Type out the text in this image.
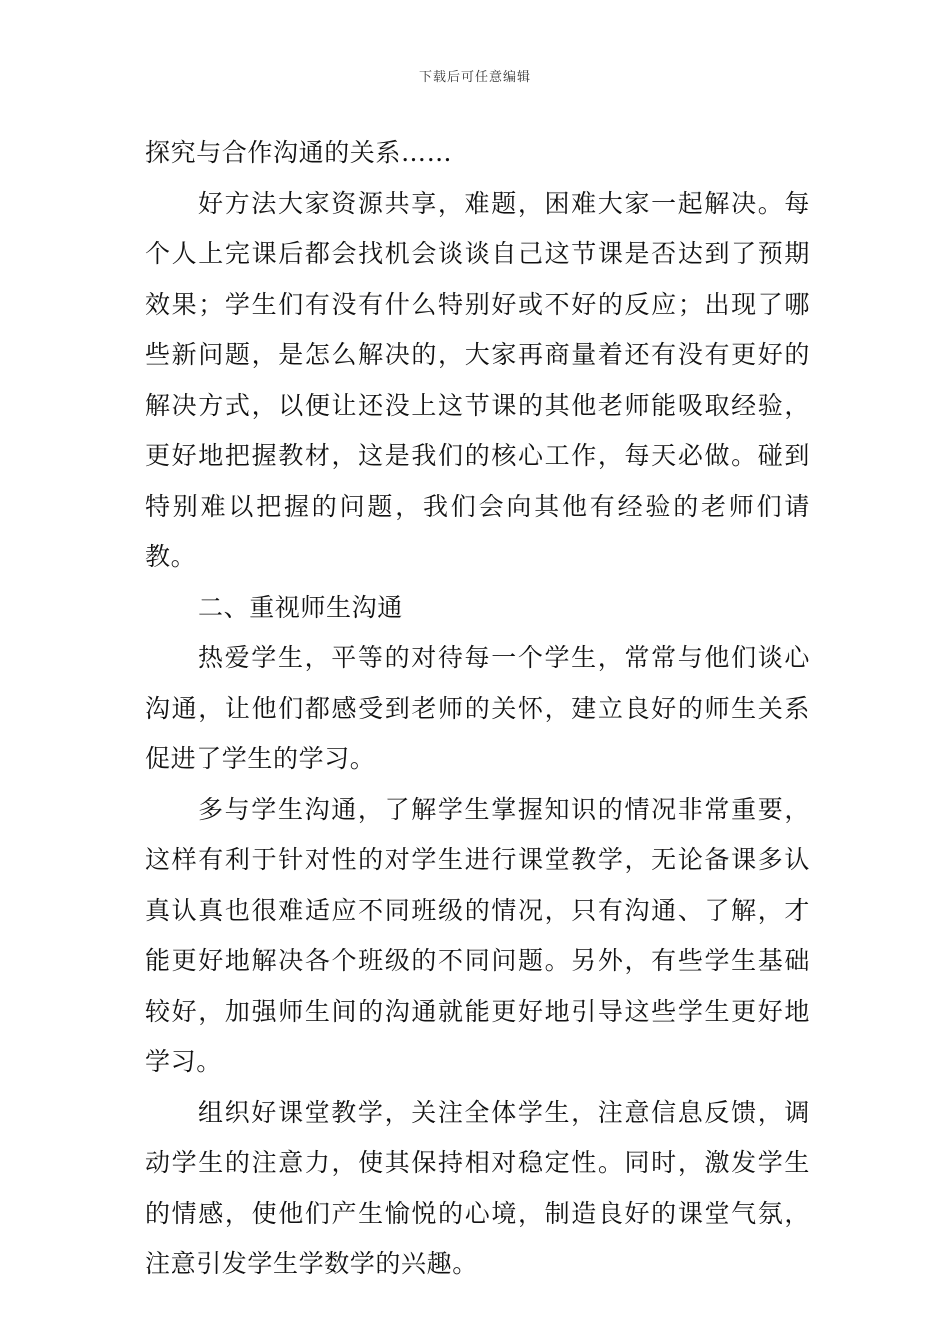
下载后可任意编辑

探究与合作沟通的关系……

好方法大家资源共享，难题，困难大家一起解决。每个人上完课后都会找机会谈谈自己这节课是否达到了预期效果；学生们有没有什么特别好或不好的反应；出现了哪些新问题，是怎么解决的，大家再商量着还有没有更好的解决方式，以便让还没上这节课的其他老师能吸取经验，更好地把握教材，这是我们的核心工作，每天必做。碰到特别难以把握的问题，我们会向其他有经验的老师们请教。

二、重视师生沟通

热爱学生，平等的对待每一个学生，常常与他们谈心沟通，让他们都感受到老师的关怀，建立良好的师生关系促进了学生的学习。

多与学生沟通，了解学生掌握知识的情况非常重要，这样有利于针对性的对学生进行课堂教学，无论备课多认真认真也很难适应不同班级的情况，只有沟通、了解，才能更好地解决各个班级的不同问题。另外，有些学生基础较好，加强师生间的沟通就能更好地引导这些学生更好地学习。

组织好课堂教学，关注全体学生，注意信息反馈，调动学生的注意力，使其保持相对稳定性。同时，激发学生的情感，使他们产生愉悦的心境，制造良好的课堂气氛，注意引发学生学数学的兴趣。
